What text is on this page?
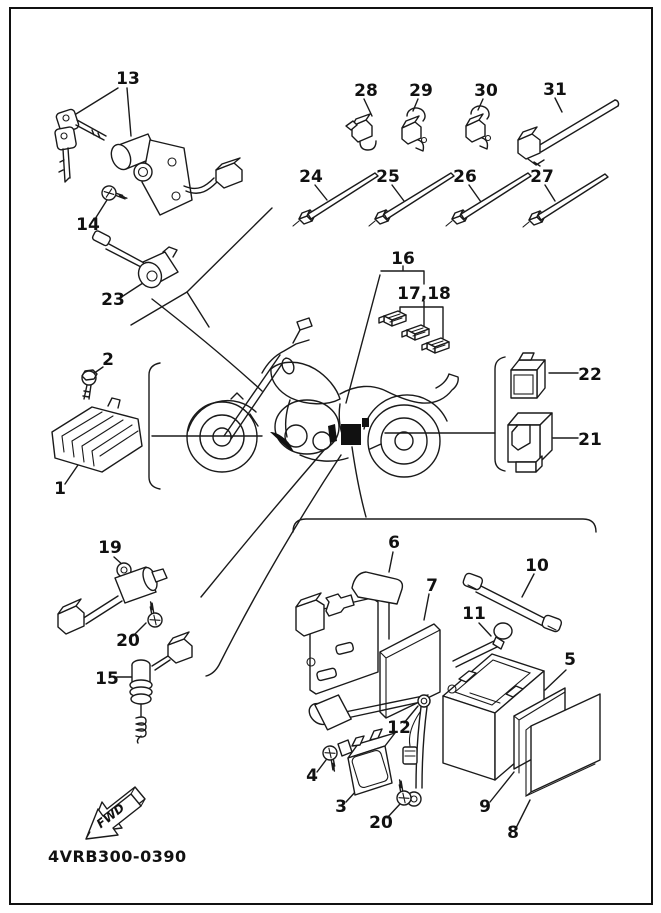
FWD
4VRB300-0390
13
14
23
28 29 30	31
24	25	26	27
16
17,18
22
21
2
1
19
20
15
6
7
10
11
5
9
8
12
4
3
20
